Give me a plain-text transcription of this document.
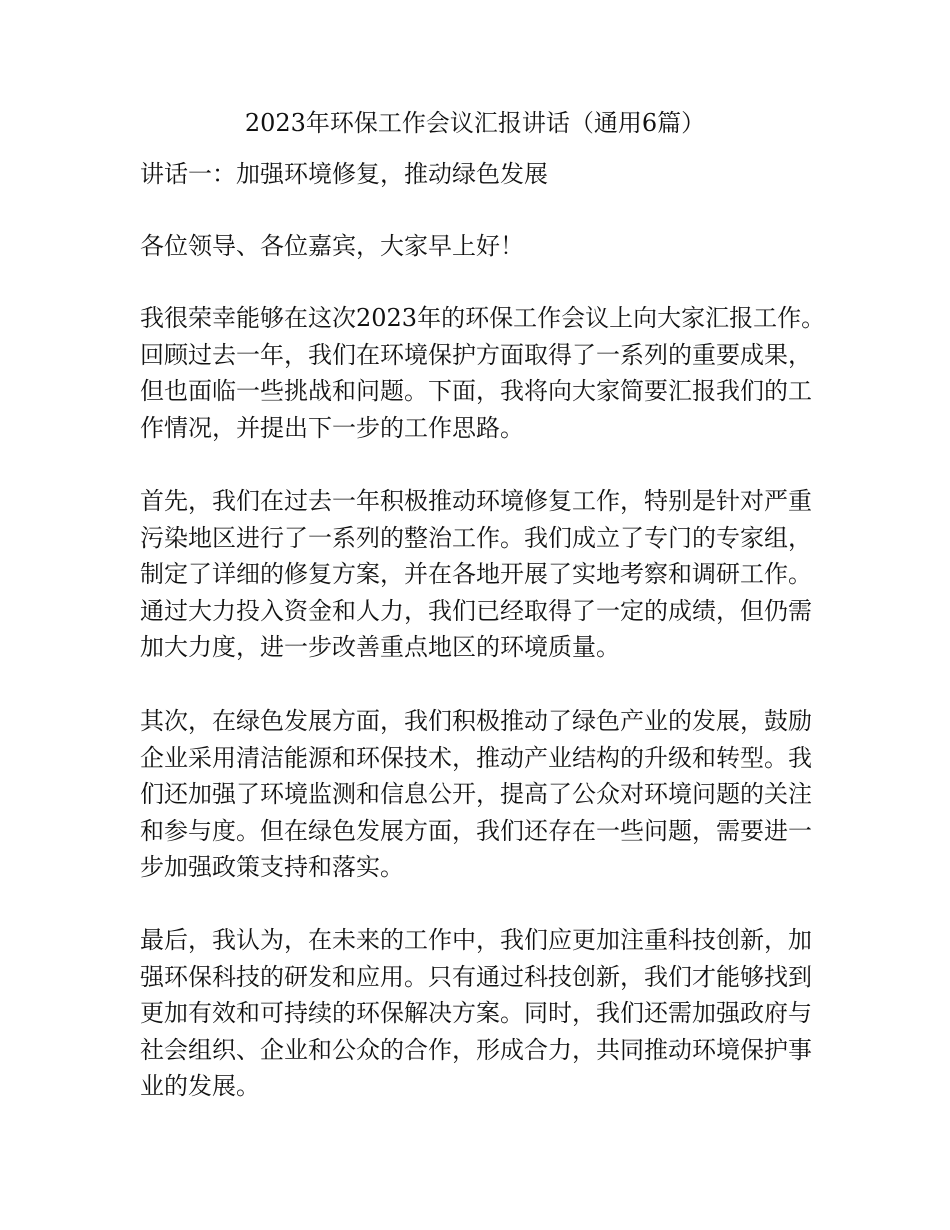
2023年环保工作会议汇报讲话（通用6篇）
讲话一：加强环境修复，推动绿色发展

各位领导、各位嘉宾，大家早上好！

我很荣幸能够在这次2023年的环保工作会议上向大家汇报工作。回顾过去一年，我们在环境保护方面取得了一系列的重要成果，但也面临一些挑战和问题。下面，我将向大家简要汇报我们的工作情况，并提出下一步的工作思路。

首先，我们在过去一年积极推动环境修复工作，特别是针对严重污染地区进行了一系列的整治工作。我们成立了专门的专家组，制定了详细的修复方案，并在各地开展了实地考察和调研工作。通过大力投入资金和人力，我们已经取得了一定的成绩，但仍需加大力度，进一步改善重点地区的环境质量。

其次，在绿色发展方面，我们积极推动了绿色产业的发展，鼓励企业采用清洁能源和环保技术，推动产业结构的升级和转型。我们还加强了环境监测和信息公开，提高了公众对环境问题的关注和参与度。但在绿色发展方面，我们还存在一些问题，需要进一步加强政策支持和落实。

最后，我认为，在未来的工作中，我们应更加注重科技创新，加强环保科技的研发和应用。只有通过科技创新，我们才能够找到更加有效和可持续的环保解决方案。同时，我们还需加强政府与社会组织、企业和公众的合作，形成合力，共同推动环境保护事业的发展。
